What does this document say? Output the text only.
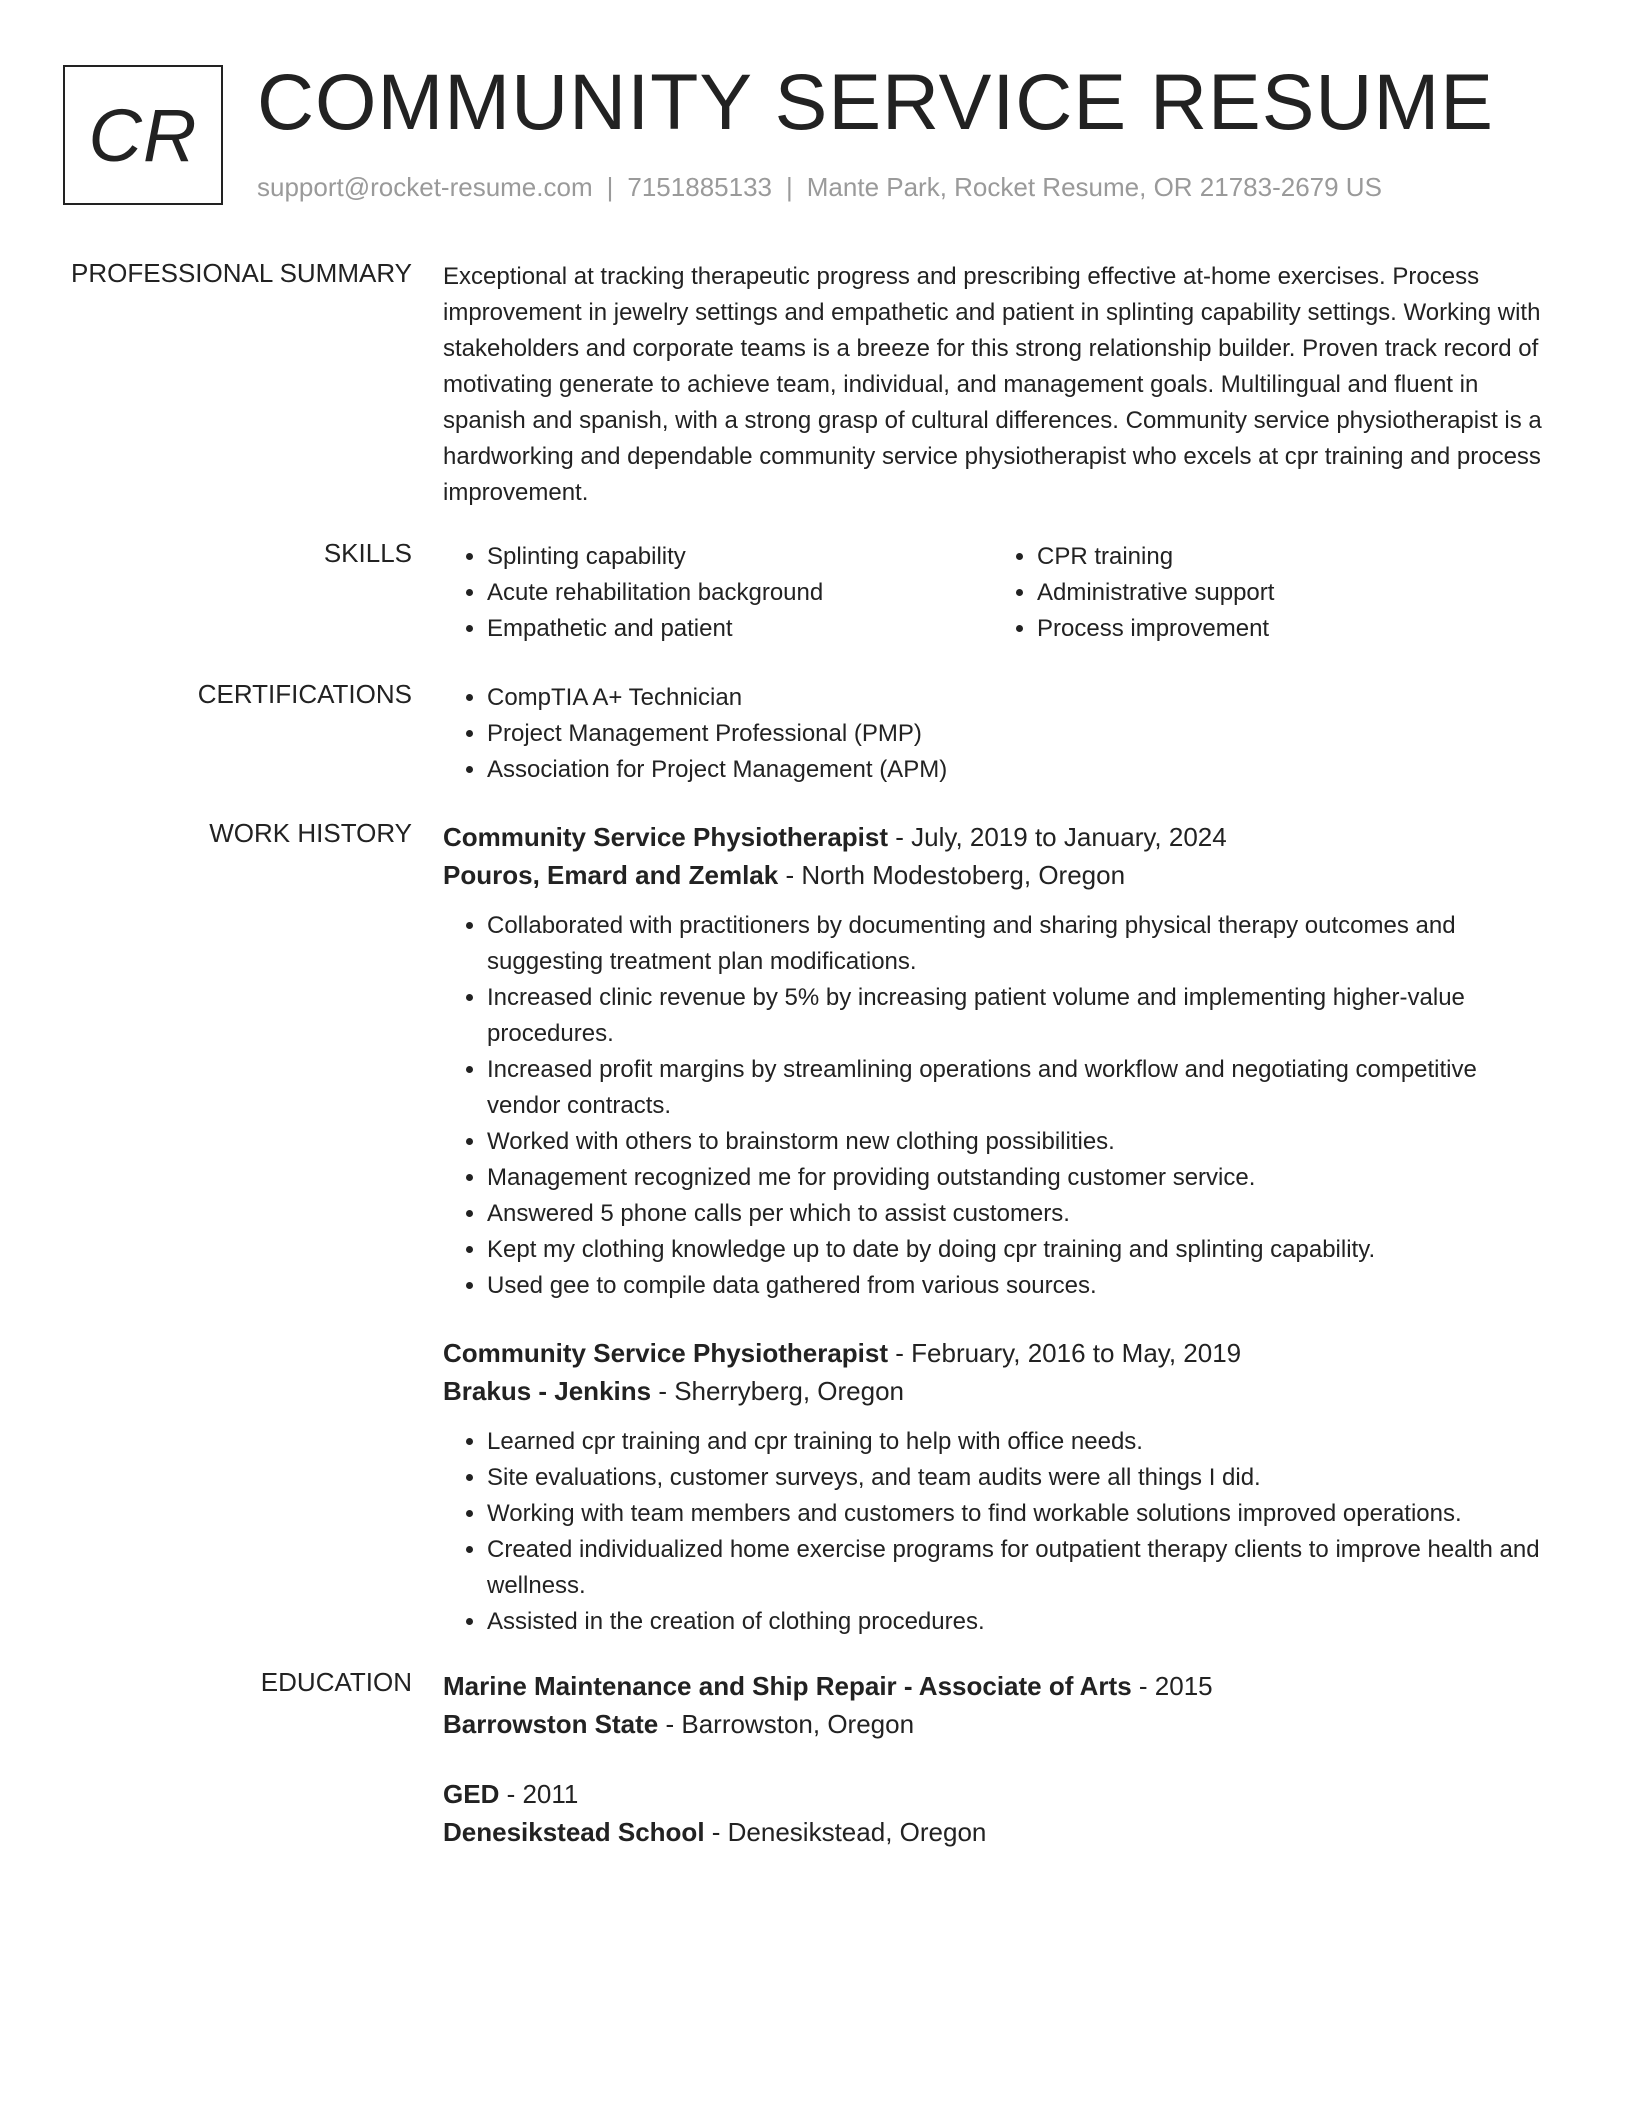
CR COMMUNITY SERVICE RESUME
support@rocket-resume.com | 7151885133 | Mante Park, Rocket Resume, OR 21783-2679 US
PROFESSIONAL SUMMARY Exceptional at tracking therapeutic progress and prescribing effective at-home exercises. Process improvement in jewelry settings and empathetic and patient in splinting capability settings. Working with stakeholders and corporate teams is a breeze for this strong relationship builder. Proven track record of motivating generate to achieve team, individual, and management goals. Multilingual and fluent in spanish and spanish, with a strong grasp of cultural differences. Community service physiotherapist is a hardworking and dependable community service physiotherapist who excels at cpr training and process improvement.

SKILLS	• Splinting capability
• Acute rehabilitation background
• Empathetic and patient
• CPR training
• Administrative support
• Process improvement
CERTIFICATIONS	• CompTIA A+ Technician
• Project Management Professional (PMP)
• Association for Project Management (APM)
WORK HISTORY Community Service Physiotherapist - July, 2019 to January, 2024
Pouros, Emard and Zemlak - North Modestoberg, Oregon
• Collaborated with practitioners by documenting and sharing physical therapy outcomes and suggesting treatment plan modifications.
• Increased clinic revenue by 5% by increasing patient volume and implementing higher-value procedures.
• Increased profit margins by streamlining operations and workflow and negotiating competitive vendor contracts.
• Worked with others to brainstorm new clothing possibilities.
• Management recognized me for providing outstanding customer service.
• Answered 5 phone calls per which to assist customers.
• Kept my clothing knowledge up to date by doing cpr training and splinting capability.
• Used gee to compile data gathered from various sources.
Community Service Physiotherapist - February, 2016 to May, 2019
Brakus - Jenkins - Sherryberg, Oregon
• Learned cpr training and cpr training to help with office needs.
• Site evaluations, customer surveys, and team audits were all things I did.
• Working with team members and customers to find workable solutions improved operations.
• Created individualized home exercise programs for outpatient therapy clients to improve health and wellness.
• Assisted in the creation of clothing procedures.
EDUCATION Marine Maintenance and Ship Repair - Associate of Arts - 2015
Barrowston State - Barrowston, Oregon
GED - 2011
Denesikstead School - Denesikstead, Oregon
